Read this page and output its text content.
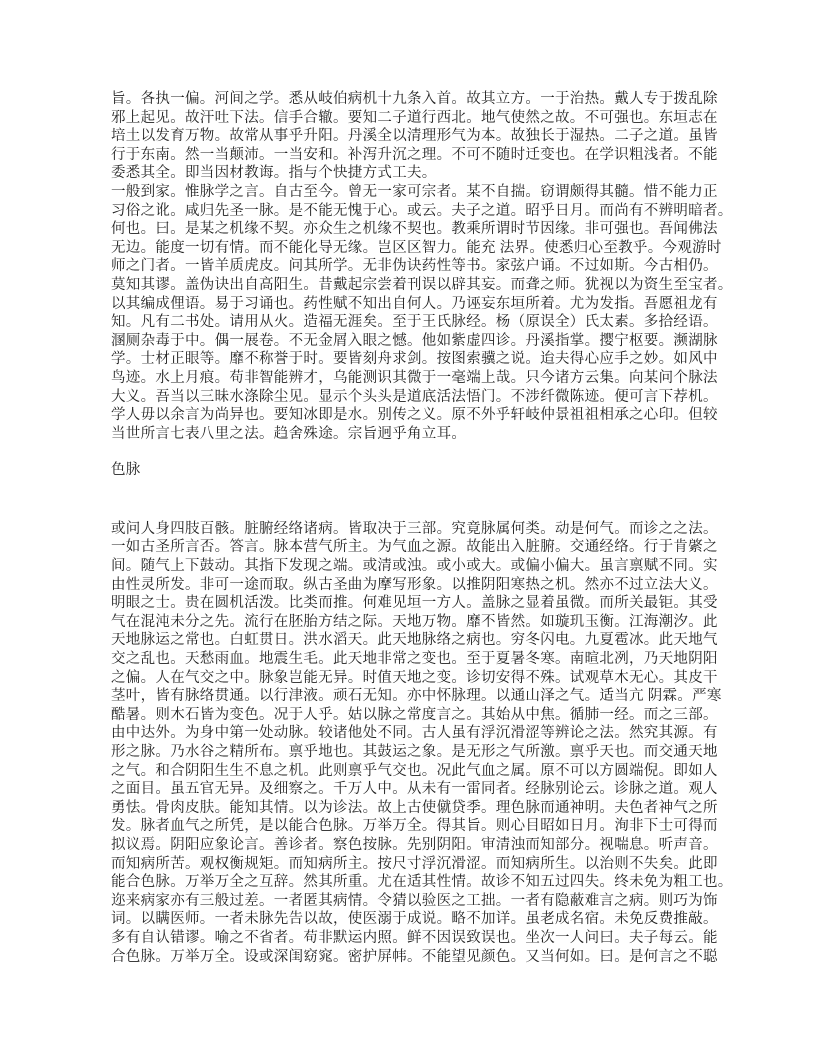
旨。各执一偏。河间之学。悉从岐伯病机十九条入首。故其立方。一于治热。戴人专于拨乱除
邪上起见。故汗吐下法。信手合辙。要知二子道行西北。地气使然之故。不可强也。东垣志在
培土以发育万物。故常从事乎升阳。丹溪全以清理形气为本。故独长于湿热。二子之道。虽皆
行于东南。然一当颠沛。一当安和。补泻升沉之理。不可不随时迁变也。在学识粗浅者。不能
委悉其全。即当因材教诲。指与个快捷方式工夫。
一般到家。惟脉学之言。自古至今。曾无一家可宗者。某不自揣。窃谓颇得其髓。惜不能力正
习俗之讹。咸归先圣一脉。是不能无愧于心。或云。夫子之道。昭乎日月。而尚有不辨明暗者。
何也。曰。是某之机缘不契。亦众生之机缘不契也。教乘所谓时节因缘。非可强也。吾闻佛法
无边。能度一切有情。而不能化导无缘。岂区区智力。能充 法界。使悉归心至教乎。今观游时
师之门者。一皆羊质虎皮。问其所学。无非伪诀药性等书。家弦户诵。不过如斯。今古相仍。
莫知其谬。盖伪诀出自高阳生。昔戴起宗尝着刊误以辟其妄。而聋之师。犹视以为资生至宝者。
以其编成俚语。易于习诵也。药性赋不知出自何人。乃诬妄东垣所着。尤为发指。吾愿祖龙有
知。凡有二书处。请用从火。造福无涯矣。至于王氏脉经。杨（原误全）氏太素。多拾经语。
溷厕杂毒于中。偶一展卷。不无金屑入眼之憾。他如紫虚四诊。丹溪指掌。撄宁枢要。濒湖脉
学。士材正眼等。靡不称誉于时。要皆刻舟求剑。按图索骥之说。迨夫得心应手之妙。如风中
鸟迹。水上月痕。苟非智能辨才，乌能测识其微于一毫端上哉。只今诸方云集。向某问个脉法
大义。吾当以三昧水涤除尘见。显示个头头是道底活法悟门。不涉纤微陈迹。便可言下荐机。
学人毋以余言为尚异也。要知冰即是水。别传之义。原不外乎轩岐仲景祖祖相承之心印。但较
当世所言七表八里之法。趋舍殊途。宗旨迥乎角立耳。
色脉
或问人身四肢百骸。脏腑经络诸病。皆取决于三部。究竟脉属何类。动是何气。而诊之之法。
一如古圣所言否。答言。脉本营气所主。为气血之源。故能出入脏腑。交通经络。行于肯綮之
间。随气上下鼓动。其指下发现之端。或清或浊。或小或大。或偏小偏大。虽言禀赋不同。实
由性灵所发。非可一途而取。纵古圣曲为摩写形象。以推阴阳寒热之机。然亦不过立法大义。
明眼之士。贵在圆机活泼。比类而推。何难见垣一方人。盖脉之显着虽微。而所关最钜。其受
气在混沌未分之先。流行在胚胎方结之际。天地万物。靡不皆然。如璇玑玉衡。江海潮汐。此
天地脉运之常也。白虹贯日。洪水滔天。此天地脉络之病也。穷冬闪电。九夏雹冰。此天地气
交之乱也。天愁雨血。地震生毛。此天地非常之变也。至于夏暑冬寒。南暄北冽，乃天地阴阳
之偏。人在气交之中。脉象岂能无异。时值天地之变。诊切安得不殊。试观草木无心。其皮干
茎叶，皆有脉络贯通。以行津液。顽石无知。亦中怀脉理。以通山泽之气。适当亢 阴霖。严寒
酷暑。则木石皆为变色。况于人乎。姑以脉之常度言之。其始从中焦。循肺一经。而之三部。
由中达外。为身中第一处动脉。较诸他处不同。古人虽有浮沉滑涩等辨论之法。然究其源。有
形之脉。乃水谷之精所布。禀乎地也。其鼓运之象。是无形之气所激。禀乎天也。而交通天地
之气。和合阴阳生生不息之机。此则禀乎气交也。况此气血之属。原不可以方圆端倪。即如人
之面目。虽五官无异。及细察之。千万人中。从未有一雷同者。经脉别论云。诊脉之道。观人
勇怯。骨肉皮肤。能知其情。以为诊法。故上古使僦贷季。理色脉而通神明。夫色者神气之所
发。脉者血气之所凭，是以能合色脉。万举万全。得其旨。则心目昭如日月。洵非下士可得而
拟议焉。阴阳应象论言。善诊者。察色按脉。先别阴阳。审清浊而知部分。视喘息。听声音。
而知病所苦。观权衡规矩。而知病所主。按尺寸浮沉滑涩。而知病所生。以治则不失矣。此即
能合色脉。万举万全之互辞。然其所重。尤在适其性情。故诊不知五过四失。终未免为粗工也。
迩来病家亦有三般过差。一者匿其病情。令猜以验医之工拙。一者有隐蔽难言之病。则巧为饰
词。以瞒医师。一者未脉先告以故，使医溺于成说。略不加详。虽老成名宿。未免反费推敲。
多有自认错谬。喻之不省者。苟非默运内照。鲜不因误致误也。坐次一人问曰。夫子每云。能
合色脉。万举万全。设或深闺窈窕。密护屏帏。不能望见颜色。又当何如。曰。是何言之不聪
